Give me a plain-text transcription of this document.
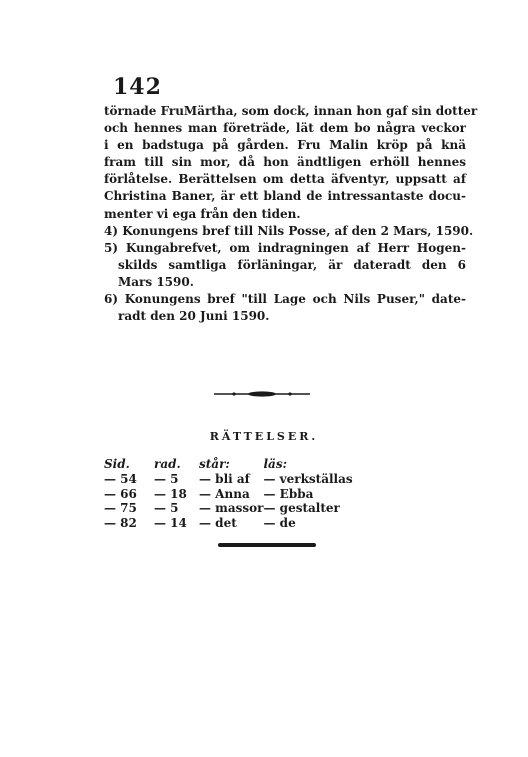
142
törnade FruMärtha, som dock, innan hon gaf sin dotter
och hennes man företräde, lät dem bo några veckor
i en badstuga på gården. Fru Malin kröp på knä
fram till sin mor, då hon ändtligen erhöll hennes
förlåtelse. Berättelsen om detta äfventyr, uppsatt af
Christina Baner, är ett bland de intressantaste docu-
menter vi ega från den tiden.
4) Konungens bref till Nils Posse, af den 2 Mars, 1590.
5) Kungabrefvet, om indragningen af Herr Hogen-
skilds samtliga förläningar, är dateradt den 6
Mars 1590.
6) Konungens bref "till Lage och Nils Puser," date-
radt den 20 Juni 1590.
RÄTTELSER.
Sid.	rad.	står:	läs:
— 54	— 5	— bli af	— verkställas
— 66	— 18	— Anna	— Ebba
— 75	— 5	— massor	— gestalter
— 82	— 14	— det	— de
